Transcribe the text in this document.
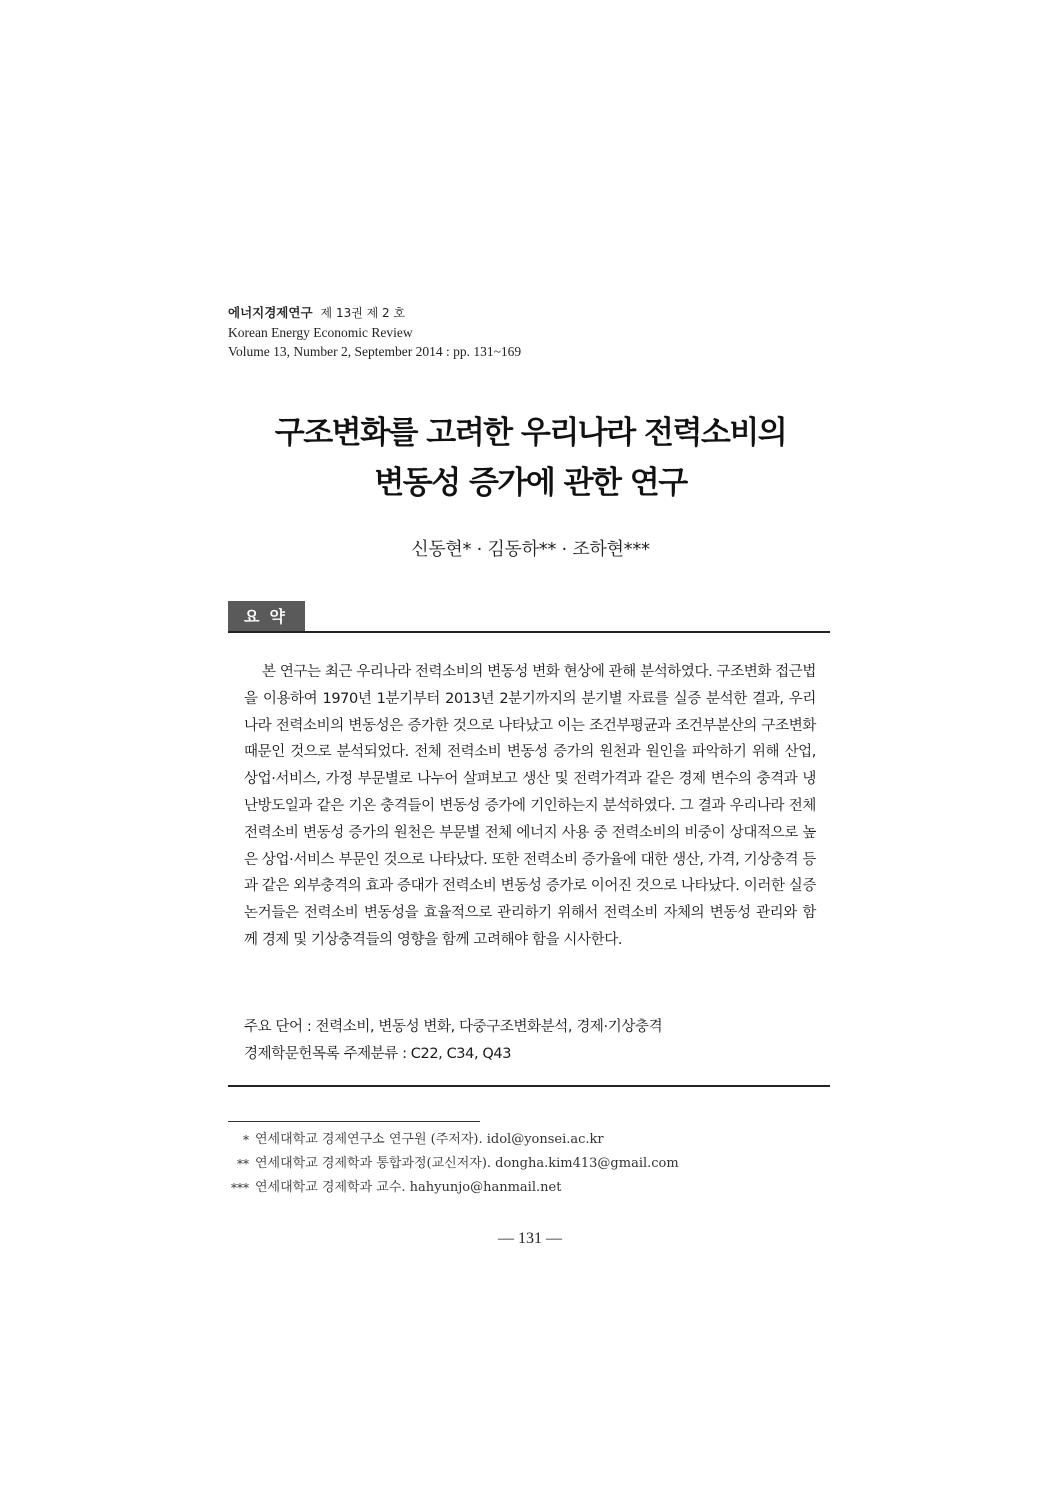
에너지경제연구 제 13권 제 2 호
Korean Energy Economic Review
Volume 13, Number 2, September 2014 : pp. 131~169
구조변화를 고려한 우리나라 전력소비의
변동성 증가에 관한 연구
신동현* · 김동하** · 조하현***
요약

본 연구는 최근 우리나라 전력소비의 변동성 변화 현상에 관해 분석하였다. 구조변화 접근법을 이용하여 1970년 1분기부터 2013년 2분기까지의 분기별 자료를 실증 분석한 결과, 우리나라 전력소비의 변동성은 증가한 것으로 나타났고 이는 조건부평균과 조건부분산의 구조변화 때문인 것으로 분석되었다. 전체 전력소비 변동성 증가의 원천과 원인을 파악하기 위해 산업, 상업·서비스, 가정 부문별로 나누어 살펴보고 생산 및 전력가격과 같은 경제 변수의 충격과 냉난방도일과 같은 기온 충격들이 변동성 증가에 기인하는지 분석하였다. 그 결과 우리나라 전체전력소비 변동성 증가의 원천은 부문별 전체 에너지 사용 중 전력소비의 비중이 상대적으로 높은 상업·서비스 부문인 것으로 나타났다. 또한 전력소비 증가율에 대한 생산, 가격, 기상충격 등과 같은 외부충격의 효과 증대가 전력소비 변동성 증가로 이어진 것으로 나타났다. 이러한 실증 논거들은 전력소비 변동성을 효율적으로 관리하기 위해서 전력소비 자체의 변동성 관리와 함께 경제 및 기상충격들의 영향을 함께 고려해야 함을 시사한다.

주요 단어 : 전력소비, 변동성 변화, 다중구조변화분석, 경제·기상충격
경제학문헌목록 주제분류 : C22, C34, Q43
* 연세대학교 경제연구소 연구원 (주저자). idol@yonsei.ac.kr
** 연세대학교 경제학과 통합과정(교신저자). dongha.kim413@gmail.com
*** 연세대학교 경제학과 교수. hahyunjo@hanmail.net
― 131 ―
